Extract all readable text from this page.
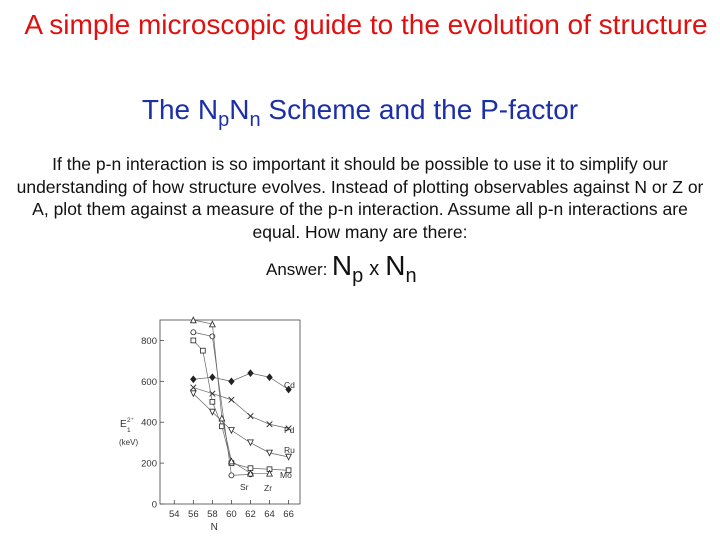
A simple microscopic guide to the evolution of structure

The $N_pN_n$ Scheme and the P-factor

If the p-n interaction is so important it should be possible to use it to simplify our understanding of how structure evolves. Instead of plotting observables against N or Z or A, plot them against a measure of the p-n interaction. Assume all p-n interactions are equal. How many are there:

Answer: Np x Nn
54 56 58 60 62 64 66
0
200
400
600
800
N
E 2⁺
1
(keV)
Cd
Pd
Ru
Mo
Sr Zr
